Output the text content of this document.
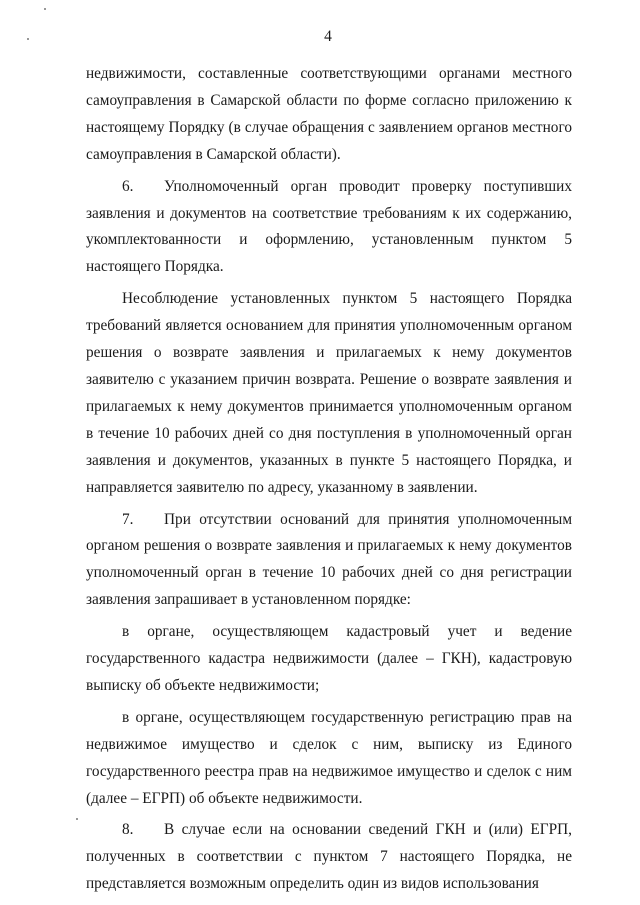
4

недвижимости, составленные соответствующими органами местного самоуправления в Самарской области по форме согласно приложению к настоящему Порядку (в случае обращения с заявлением органов местного самоуправления в Самарской области).

6. Уполномоченный орган проводит проверку поступивших заявления и документов на соответствие требованиям к их содержанию, укомплектованности и оформлению, установленным пунктом 5 настоящего Порядка.

Несоблюдение установленных пунктом 5 настоящего Порядка требований является основанием для принятия уполномоченным органом решения о возврате заявления и прилагаемых к нему документов заявителю с указанием причин возврата. Решение о возврате заявления и прилагаемых к нему документов принимается уполномоченным органом в течение 10 рабочих дней со дня поступления в уполномоченный орган заявления и документов, указанных в пункте 5 настоящего Порядка, и направляется заявителю по адресу, указанному в заявлении.

7. При отсутствии оснований для принятия уполномоченным органом решения о возврате заявления и прилагаемых к нему документов уполномоченный орган в течение 10 рабочих дней со дня регистрации заявления запрашивает в установленном порядке:

в органе, осуществляющем кадастровый учет и ведение государственного кадастра недвижимости (далее – ГКН), кадастровую выписку об объекте недвижимости;

в органе, осуществляющем государственную регистрацию прав на недвижимое имущество и сделок с ним, выписку из Единого государственного реестра прав на недвижимое имущество и сделок с ним (далее – ЕГРП) об объекте недвижимости.

8. В случае если на основании сведений ГКН и (или) ЕГРП, полученных в соответствии с пунктом 7 настоящего Порядка, не представляется возможным определить один из видов использования
